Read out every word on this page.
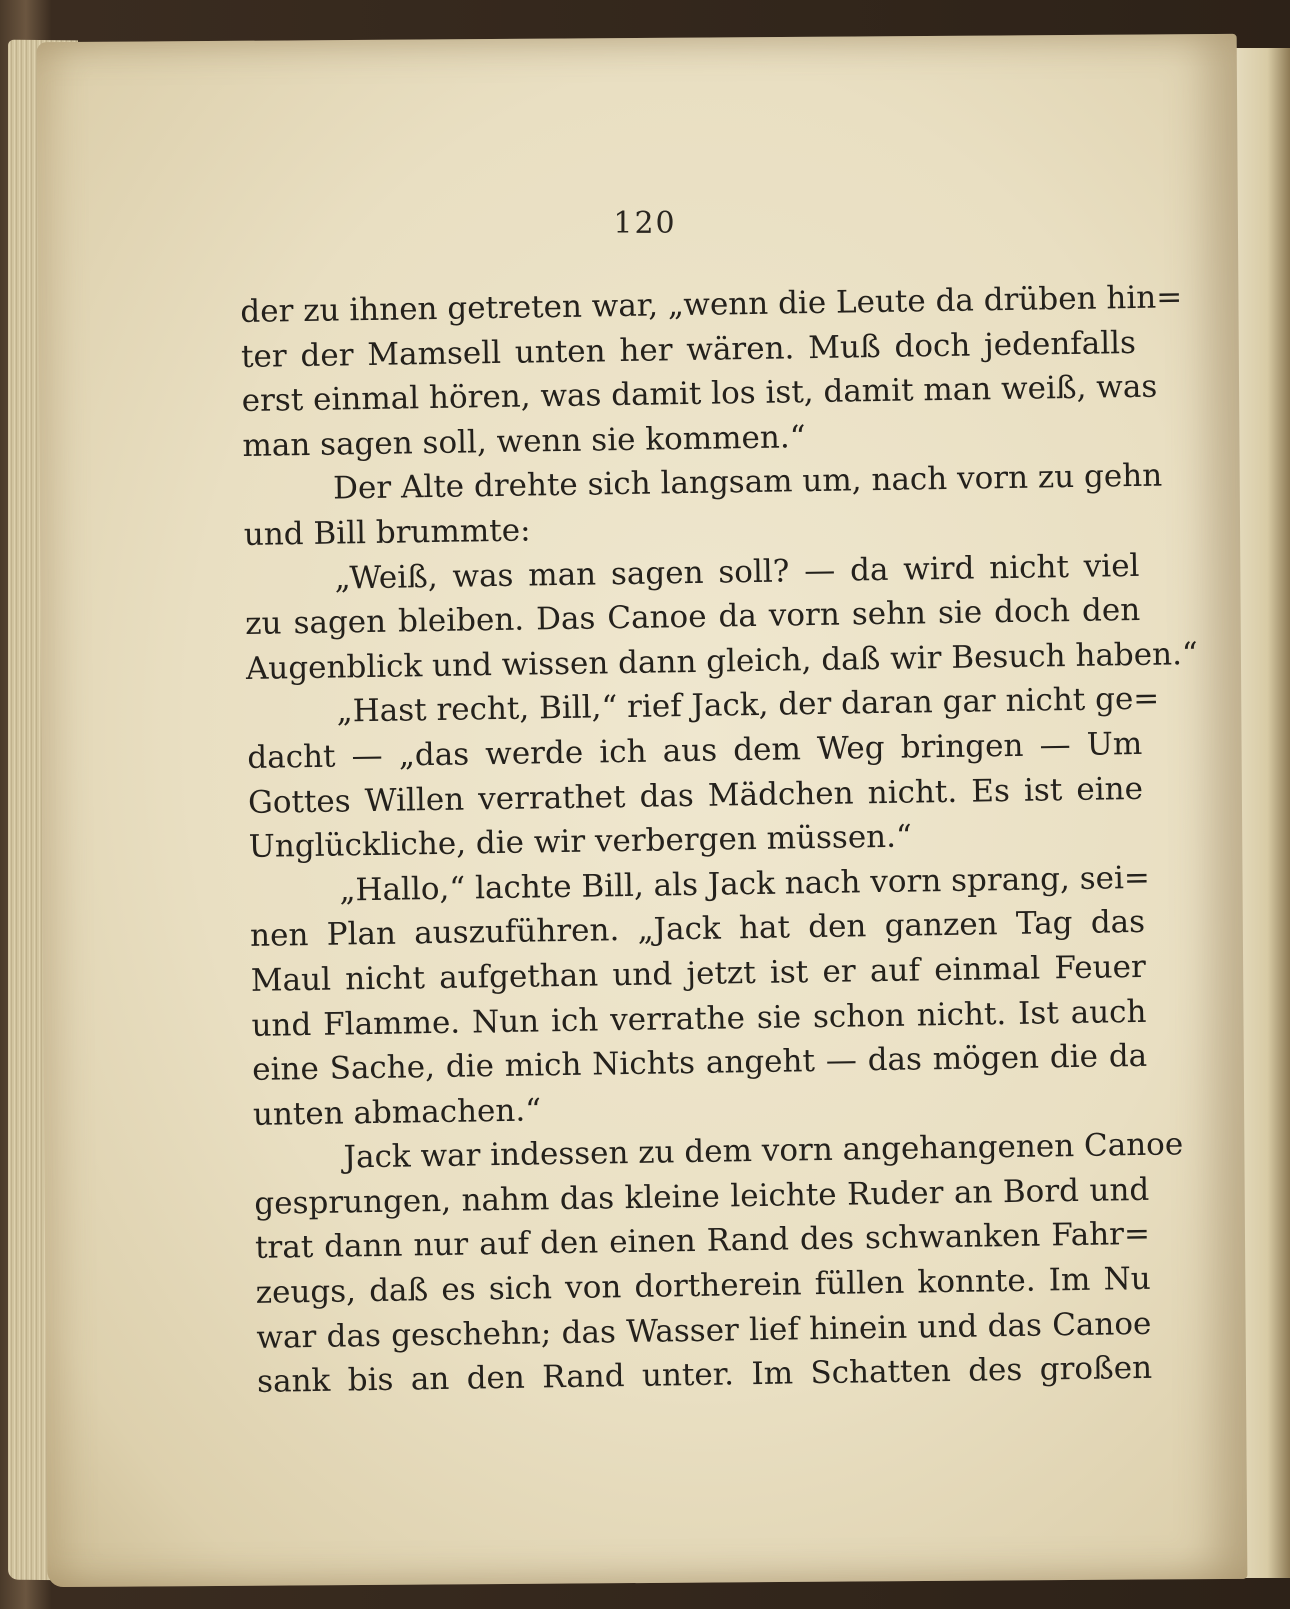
120
der zu ihnen getreten war, „wenn die Leute da drüben hin=
ter der Mamsell unten her wären. Muß doch jedenfalls
erst einmal hören, was damit los ist, damit man weiß, was
man sagen soll, wenn sie kommen.“
Der Alte drehte sich langsam um, nach vorn zu gehn
und Bill brummte:
„Weiß, was man sagen soll? — da wird nicht viel
zu sagen bleiben. Das Canoe da vorn sehn sie doch den
Augenblick und wissen dann gleich, daß wir Besuch haben.“
„Hast recht, Bill,“ rief Jack, der daran gar nicht ge=
dacht — „das werde ich aus dem Weg bringen — Um
Gottes Willen verrathet das Mädchen nicht. Es ist eine
Unglückliche, die wir verbergen müssen.“
„Hallo,“ lachte Bill, als Jack nach vorn sprang, sei=
nen Plan auszuführen. „Jack hat den ganzen Tag das
Maul nicht aufgethan und jetzt ist er auf einmal Feuer
und Flamme. Nun ich verrathe sie schon nicht. Ist auch
eine Sache, die mich Nichts angeht — das mögen die da
unten abmachen.“
Jack war indessen zu dem vorn angehangenen Canoe
gesprungen, nahm das kleine leichte Ruder an Bord und
trat dann nur auf den einen Rand des schwanken Fahr=
zeugs, daß es sich von dortherein füllen konnte. Im Nu
war das geschehn; das Wasser lief hinein und das Canoe
sank bis an den Rand unter. Im Schatten des großen
